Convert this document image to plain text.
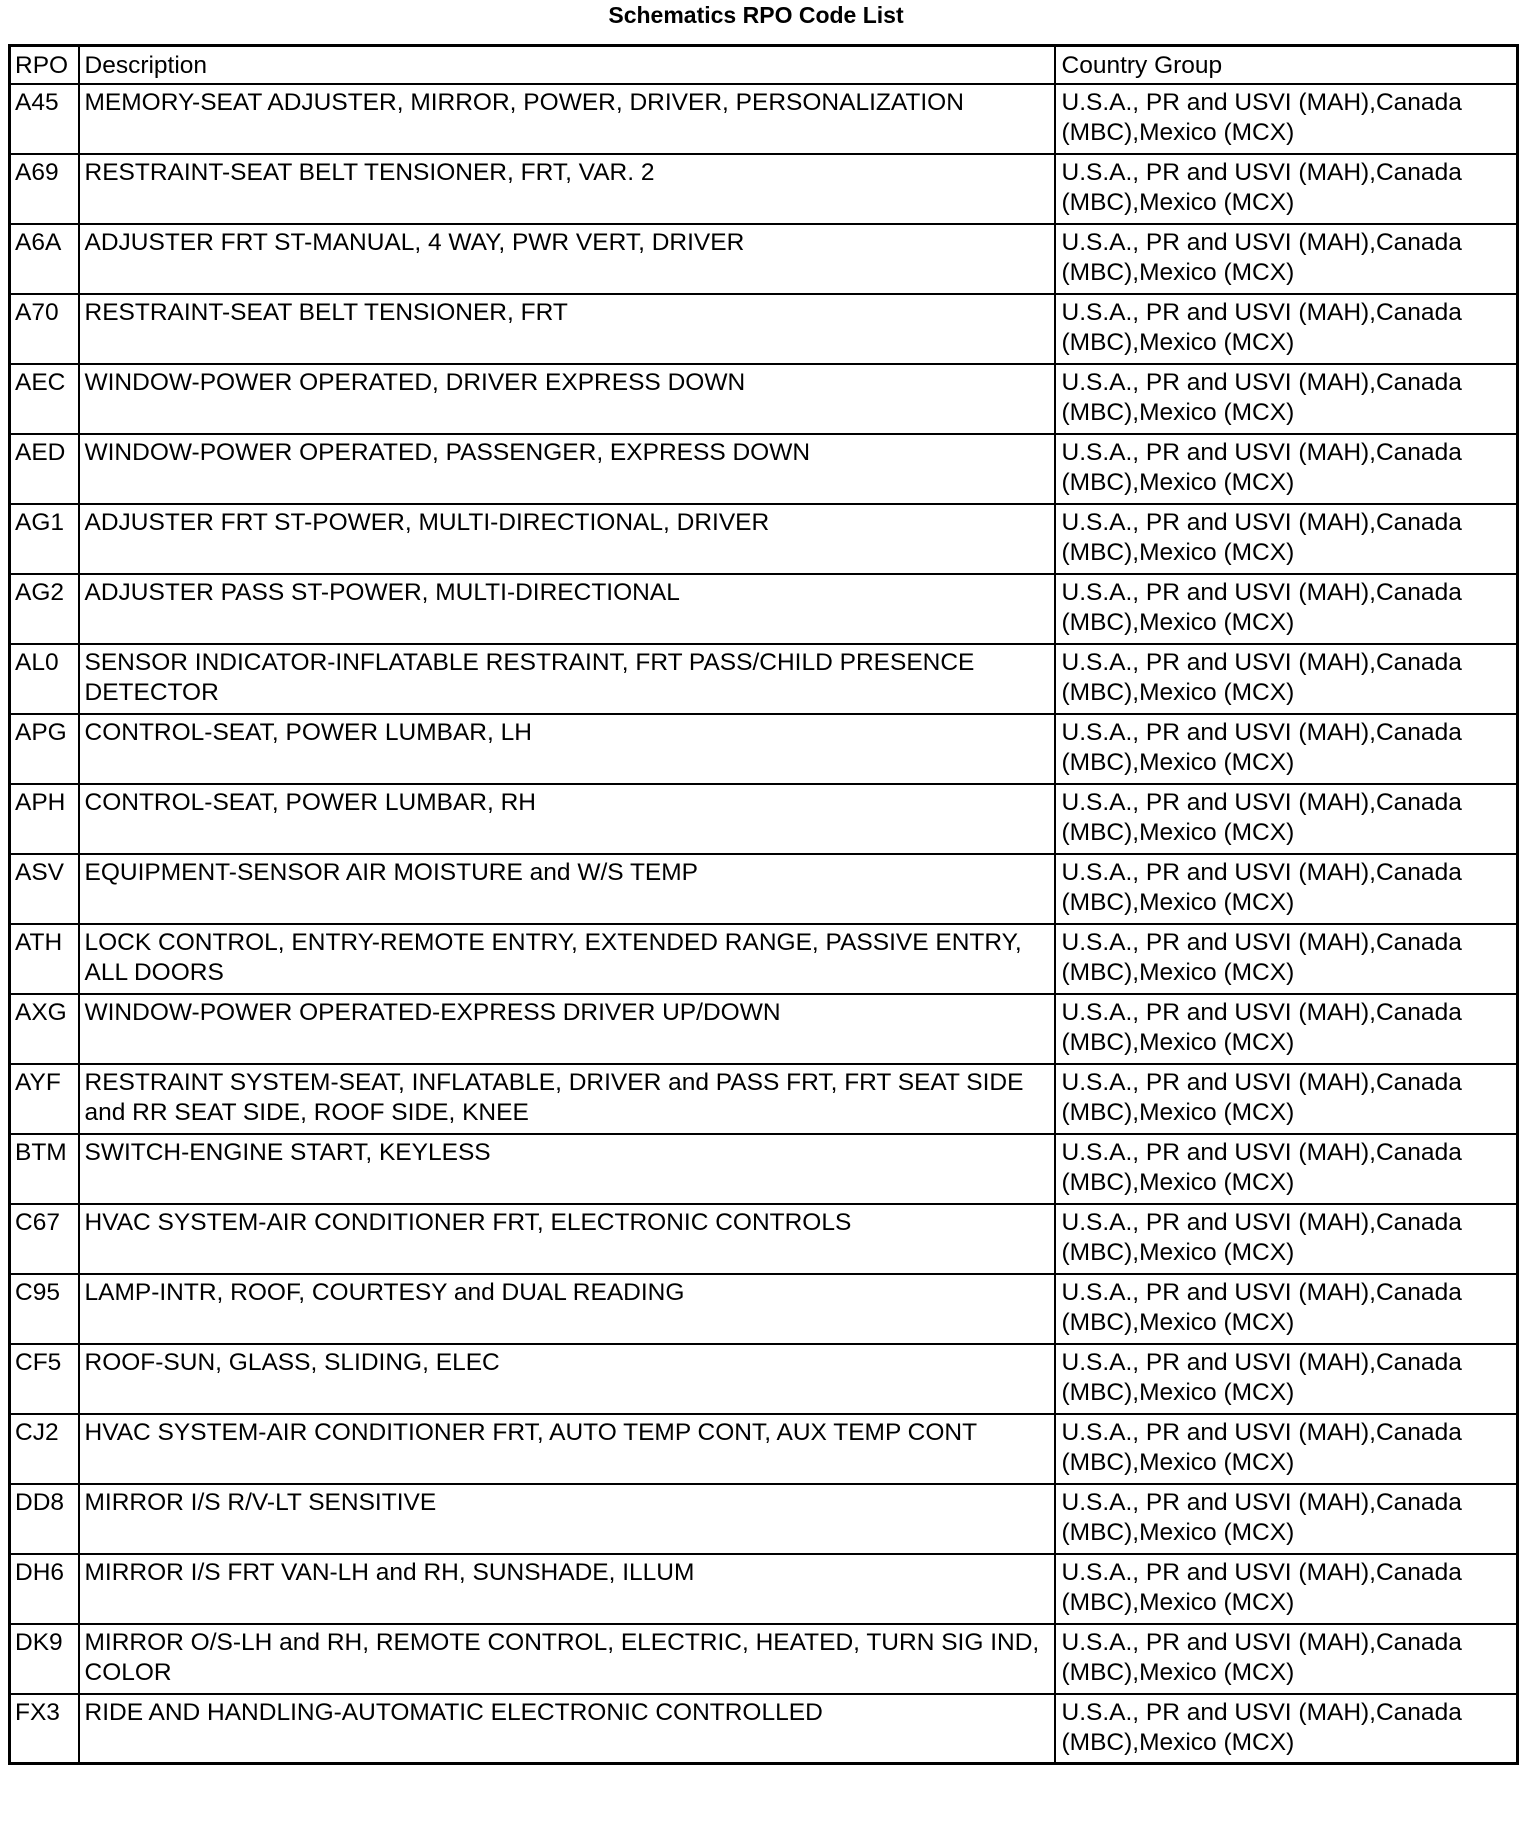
Schematics RPO Code List
RPO	Description	Country Group
A45	MEMORY-SEAT ADJUSTER, MIRROR, POWER, DRIVER, PERSONALIZATION	U.S.A., PR and USVI (MAH),Canada (MBC),Mexico (MCX)
A69	RESTRAINT-SEAT BELT TENSIONER, FRT, VAR. 2	U.S.A., PR and USVI (MAH),Canada (MBC),Mexico (MCX)
A6A	ADJUSTER FRT ST-MANUAL, 4 WAY, PWR VERT, DRIVER	U.S.A., PR and USVI (MAH),Canada (MBC),Mexico (MCX)
A70	RESTRAINT-SEAT BELT TENSIONER, FRT	U.S.A., PR and USVI (MAH),Canada (MBC),Mexico (MCX)
AEC	WINDOW-POWER OPERATED, DRIVER EXPRESS DOWN	U.S.A., PR and USVI (MAH),Canada (MBC),Mexico (MCX)
AED	WINDOW-POWER OPERATED, PASSENGER, EXPRESS DOWN	U.S.A., PR and USVI (MAH),Canada (MBC),Mexico (MCX)
AG1	ADJUSTER FRT ST-POWER, MULTI-DIRECTIONAL, DRIVER	U.S.A., PR and USVI (MAH),Canada (MBC),Mexico (MCX)
AG2	ADJUSTER PASS ST-POWER, MULTI-DIRECTIONAL	U.S.A., PR and USVI (MAH),Canada (MBC),Mexico (MCX)
AL0	SENSOR INDICATOR-INFLATABLE RESTRAINT, FRT PASS/CHILD PRESENCE DETECTOR	U.S.A., PR and USVI (MAH),Canada (MBC),Mexico (MCX)
APG	CONTROL-SEAT, POWER LUMBAR, LH	U.S.A., PR and USVI (MAH),Canada (MBC),Mexico (MCX)
APH	CONTROL-SEAT, POWER LUMBAR, RH	U.S.A., PR and USVI (MAH),Canada (MBC),Mexico (MCX)
ASV	EQUIPMENT-SENSOR AIR MOISTURE and W/S TEMP	U.S.A., PR and USVI (MAH),Canada (MBC),Mexico (MCX)
ATH	LOCK CONTROL, ENTRY-REMOTE ENTRY, EXTENDED RANGE, PASSIVE ENTRY, ALL DOORS	U.S.A., PR and USVI (MAH),Canada (MBC),Mexico (MCX)
AXG	WINDOW-POWER OPERATED-EXPRESS DRIVER UP/DOWN	U.S.A., PR and USVI (MAH),Canada (MBC),Mexico (MCX)
AYF	RESTRAINT SYSTEM-SEAT, INFLATABLE, DRIVER and PASS FRT, FRT SEAT SIDE and RR SEAT SIDE, ROOF SIDE, KNEE	U.S.A., PR and USVI (MAH),Canada (MBC),Mexico (MCX)
BTM	SWITCH-ENGINE START, KEYLESS	U.S.A., PR and USVI (MAH),Canada (MBC),Mexico (MCX)
C67	HVAC SYSTEM-AIR CONDITIONER FRT, ELECTRONIC CONTROLS	U.S.A., PR and USVI (MAH),Canada (MBC),Mexico (MCX)
C95	LAMP-INTR, ROOF, COURTESY and DUAL READING	U.S.A., PR and USVI (MAH),Canada (MBC),Mexico (MCX)
CF5	ROOF-SUN, GLASS, SLIDING, ELEC	U.S.A., PR and USVI (MAH),Canada (MBC),Mexico (MCX)
CJ2	HVAC SYSTEM-AIR CONDITIONER FRT, AUTO TEMP CONT, AUX TEMP CONT	U.S.A., PR and USVI (MAH),Canada (MBC),Mexico (MCX)
DD8	MIRROR I/S R/V-LT SENSITIVE	U.S.A., PR and USVI (MAH),Canada (MBC),Mexico (MCX)
DH6	MIRROR I/S FRT VAN-LH and RH, SUNSHADE, ILLUM	U.S.A., PR and USVI (MAH),Canada (MBC),Mexico (MCX)
DK9	MIRROR O/S-LH and RH, REMOTE CONTROL, ELECTRIC, HEATED, TURN SIG IND, COLOR	U.S.A., PR and USVI (MAH),Canada (MBC),Mexico (MCX)
FX3	RIDE AND HANDLING-AUTOMATIC ELECTRONIC CONTROLLED	U.S.A., PR and USVI (MAH),Canada (MBC),Mexico (MCX)
